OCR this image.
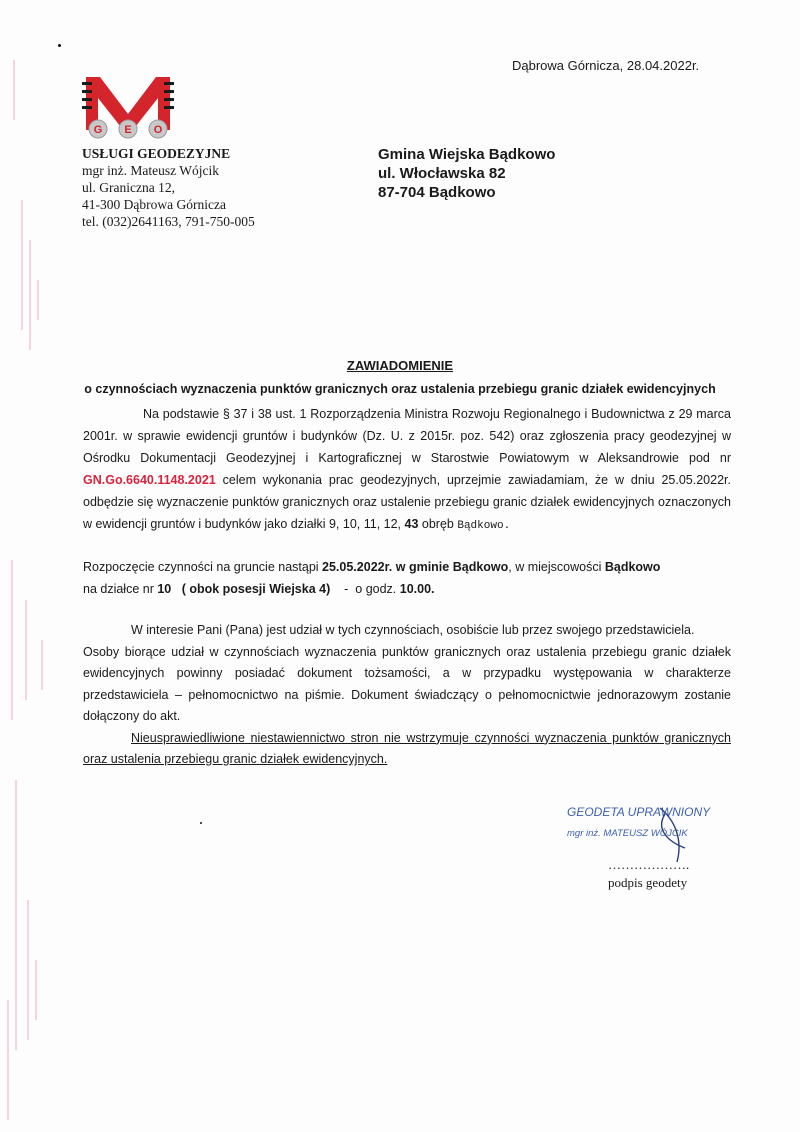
Dąbrowa Górnicza, 28.04.2022r.
G E O
USŁUGI GEODEZYJNE
mgr inż. Mateusz Wójcik
ul. Graniczna 12,
41-300 Dąbrowa Górnicza
tel. (032)2641163, 791-750-005
Gmina Wiejska Bądkowo
ul. Włocławska 82
87-704 Bądkowo
ZAWIADOMIENIE
o czynnościach wyznaczenia punktów granicznych oraz ustalenia przebiegu granic działek ewidencyjnych
Na podstawie § 37 i 38 ust. 1 Rozporządzenia Ministra Rozwoju Regionalnego i Budownictwa z 29 marca 2001r. w sprawie ewidencji gruntów i budynków (Dz. U. z 2015r. poz. 542) oraz zgłoszenia pracy geodezyjnej w Ośrodku Dokumentacji Geodezyjnej i Kartograficznej w Starostwie Powiatowym w Aleksandrowie pod nr GN.Go.6640.1148.2021 celem wykonania prac geodezyjnych, uprzejmie zawiadamiam, że w dniu 25.05.2022r. odbędzie się wyznaczenie punktów granicznych oraz ustalenie przebiegu granic działek ewidencyjnych oznaczonych w ewidencji gruntów i budynków jako działki 9, 10, 11, 12, 43 obręb Bądkowo.
Rozpoczęcie czynności na gruncie nastąpi 25.05.2022r. w gminie Bądkowo, w miejscowości Bądkowo
na działce nr 10 ( obok posesji Wiejska 4) - o godz. 10.00.
W interesie Pani (Pana) jest udział w tych czynnościach, osobiście lub przez swojego przedstawiciela.
Osoby biorące udział w czynnościach wyznaczenia punktów granicznych oraz ustalenia przebiegu granic działek ewidencyjnych powinny posiadać dokument tożsamości, a w przypadku występowania w charakterze przedstawiciela – pełnomocnictwo na piśmie. Dokument świadczący o pełnomocnictwie jednorazowym zostanie dołączony do akt.
Nieusprawiedliwione niestawiennictwo stron nie wstrzymuje czynności wyznaczenia punktów granicznych oraz ustalenia przebiegu granic działek ewidencyjnych.
GEODETA UPRAWNIONY
mgr inż. MATEUSZ WÓJCIK
……………….
podpis geodety
